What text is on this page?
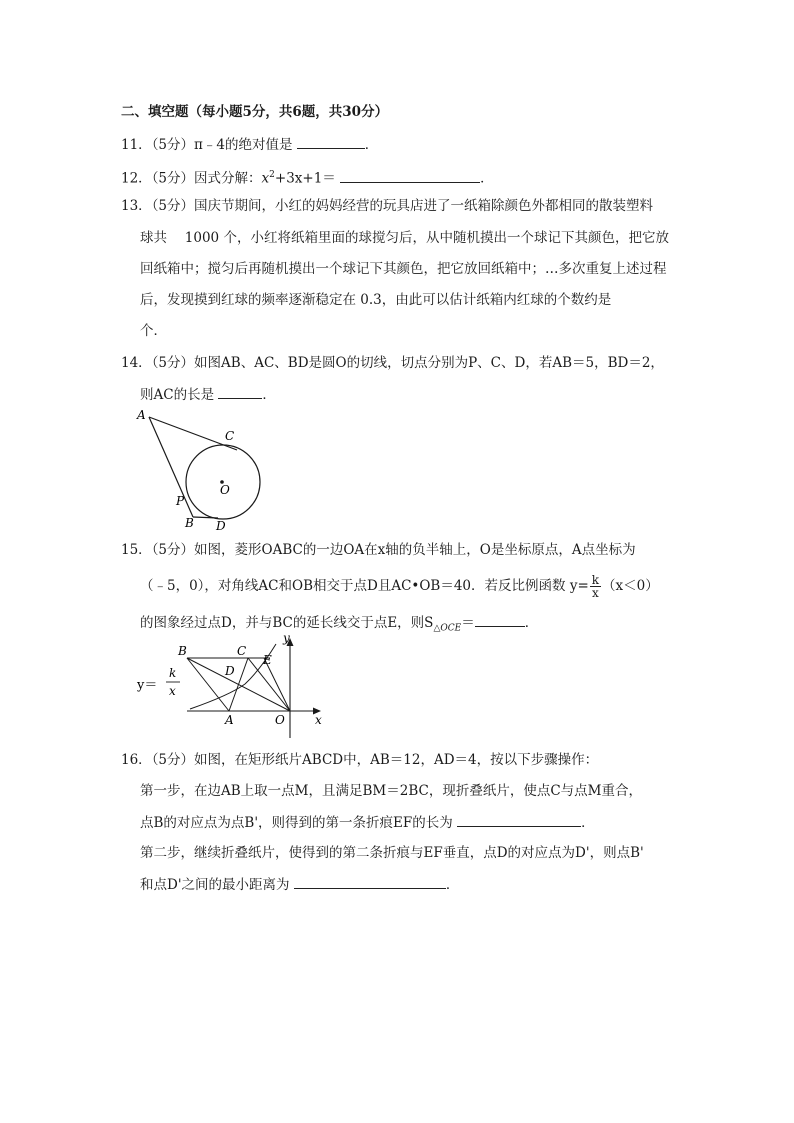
二、填空题（每小题5分，共6题，共30分）
11．（5分）π﹣4的绝对值是	．
12．（5分）因式分解：$x^2+3x+1=$	．
13．（5分）国庆节期间，小红的妈妈经营的玩具店进了一纸箱除颜色外都相同的散装塑料
球共　 1000 个，小红将纸箱里面的球搅匀后，从中随机摸出一个球记下其颜色，把它放
回纸箱中；搅匀后再随机摸出一个球记下其颜色，把它放回纸箱中；…多次重复上述过程
后，发现摸到红球的频率逐渐稳定在 0.3，由此可以估计纸箱内红球的个数约是
个．
14．（5分）如图AB、AC、BD是圆O的切线，切点分别为P、C、D，若AB＝5，BD＝2，
则AC的长是	．
A
C
O
P
B D
15．（5分）如图，菱形OABC的一边OA在x轴的负半轴上，O是坐标原点，A点坐标为
（﹣5，0），对角线AC和OB相交于点D且AC•OB＝40．若反比例函数 $y= \frac{k}{x} (x<0)$
的图象经过点D，并与BC的延长线交于点E，则$S_{\triangle OCE}=$	．
y
x
B	C
E
D
A	O
y＝
k
x
16．（5分）如图，在矩形纸片ABCD中，AB＝12，AD＝4，按以下步骤操作：
第一步，在边AB上取一点M，且满足BM＝2BC，现折叠纸片，使点C与点M重合，
点B的对应点为点B'，则得到的第一条折痕EF的长为	．
第二步，继续折叠纸片，使得到的第二条折痕与EF垂直，点D的对应点为D'，则点B'
和点D'之间的最小距离为	．
